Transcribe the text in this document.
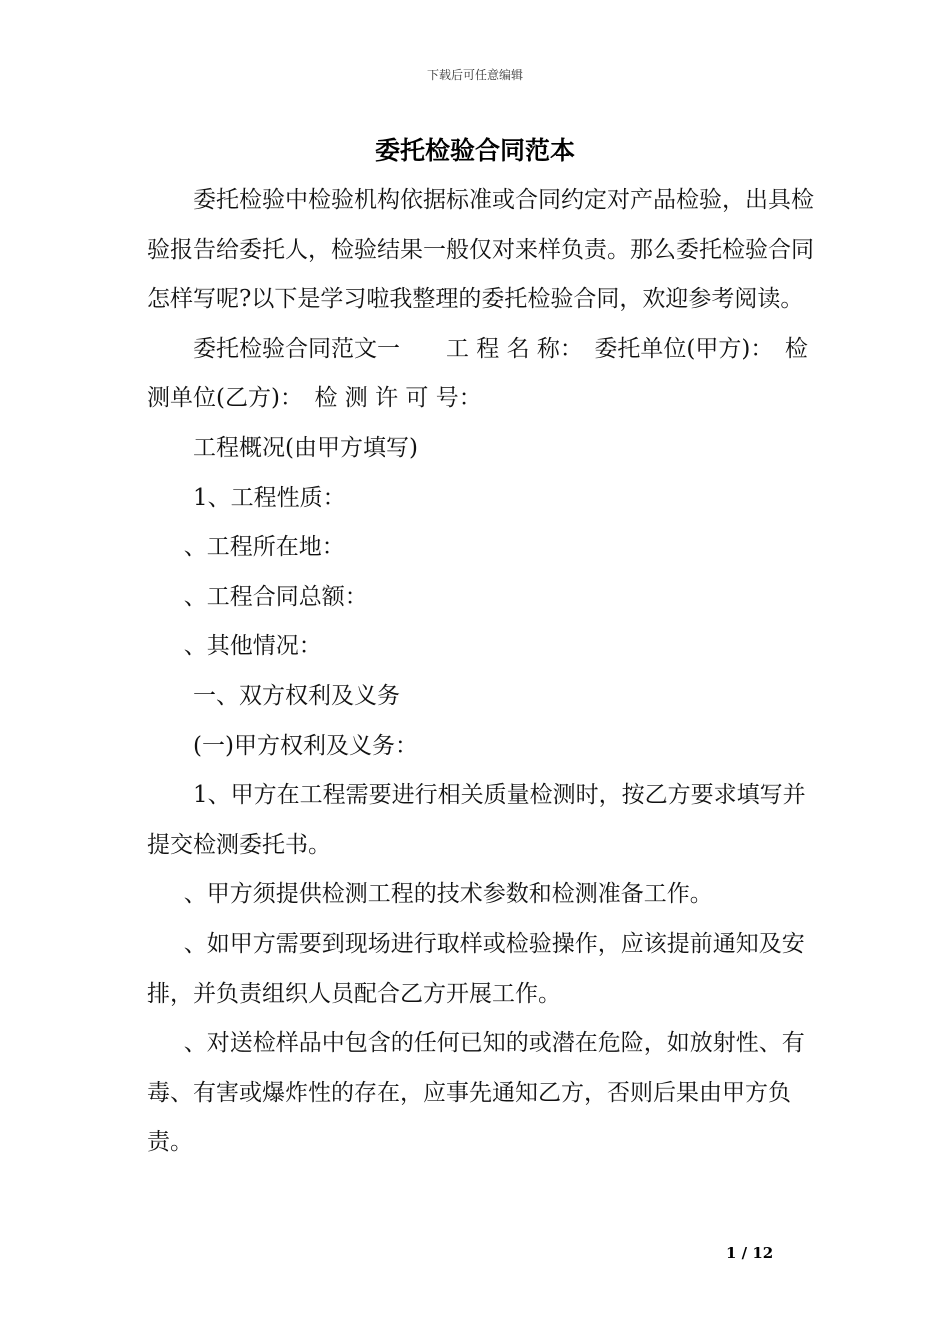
下载后可任意编辑
委托检验合同范本

委托检验中检验机构依据标准或合同约定对产品检验，出具检验报告给委托人，检验结果一般仅对来样负责。那么委托检验合同怎样写呢?以下是学习啦我整理的委托检验合同，欢迎参考阅读。

委托检验合同范文一　　工 程 名 称：　委托单位(甲方)：　检测单位(乙方)：　检 测 许 可 号：

工程概况(由甲方填写)

1、工程性质：

、工程所在地：

、工程合同总额：

、其他情况：

一、双方权利及义务

(一)甲方权利及义务：

1、甲方在工程需要进行相关质量检测时，按乙方要求填写并提交检测委托书。

、甲方须提供检测工程的技术参数和检测准备工作。

、如甲方需要到现场进行取样或检验操作，应该提前通知及安排，并负责组织人员配合乙方开展工作。

、对送检样品中包含的任何已知的或潜在危险，如放射性、有毒、有害或爆炸性的存在，应事先通知乙方，否则后果由甲方负责。

1 / 12
